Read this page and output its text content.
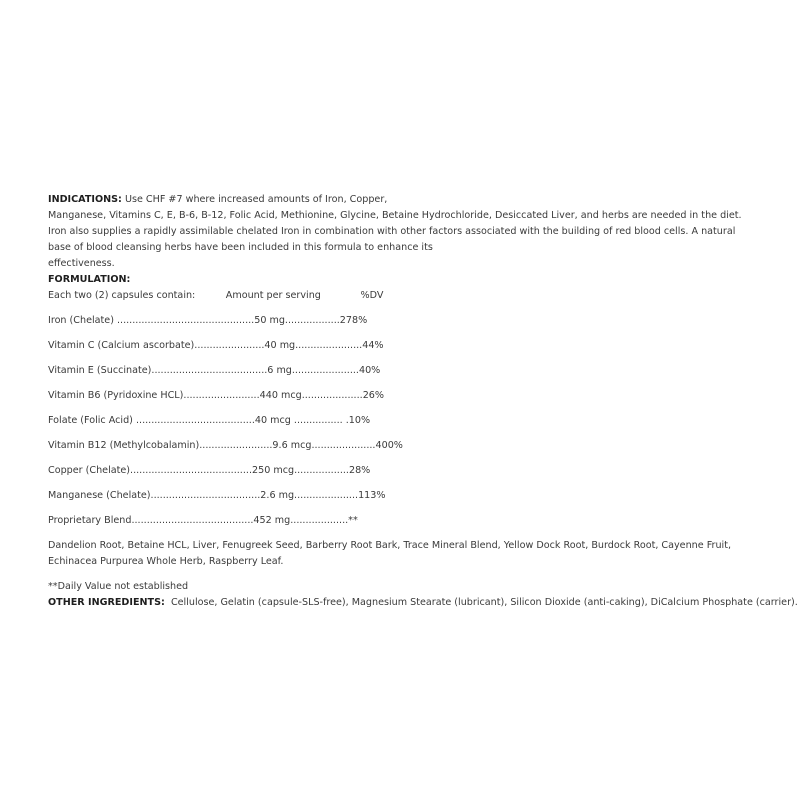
INDICATIONS: Use CHF #7 where increased amounts of Iron, Copper,
Manganese, Vitamins C, E, B-6, B-12, Folic Acid, Methionine, Glycine, Betaine Hydrochloride, Desiccated Liver, and herbs are needed in the diet. Iron also supplies a rapidly assimilable chelated Iron in combination with other factors associated with the building of red blood cells. A natural base of blood cleansing herbs have been included in this formula to enhance its
effectiveness.
FORMULATION:
Each two (2) capsules contain:          Amount per serving             %DV
Iron (Chelate) .............................................50 mg..................278%
Vitamin C (Calcium ascorbate).......................40 mg......................44%
Vitamin E (Succinate)......................................6 mg......................40%
Vitamin B6 (Pyridoxine HCL).........................440 mcg....................26%
Folate (Folic Acid) .......................................40 mcg ................ .10%
Vitamin B12 (Methylcobalamin)........................9.6 mcg.....................400%
Copper (Chelate)........................................250 mcg..................28%
Manganese (Chelate)....................................2.6 mg.....................113%
Proprietary Blend........................................452 mg...................**
Dandelion Root, Betaine HCL, Liver, Fenugreek Seed, Barberry Root Bark, Trace Mineral Blend, Yellow Dock Root, Burdock Root, Cayenne Fruit, Echinacea Purpurea Whole Herb, Raspberry Leaf.
**Daily Value not established
OTHER INGREDIENTS:  Cellulose, Gelatin (capsule-SLS-free), Magnesium Stearate (lubricant), Silicon Dioxide (anti-caking), DiCalcium Phosphate (carrier).
